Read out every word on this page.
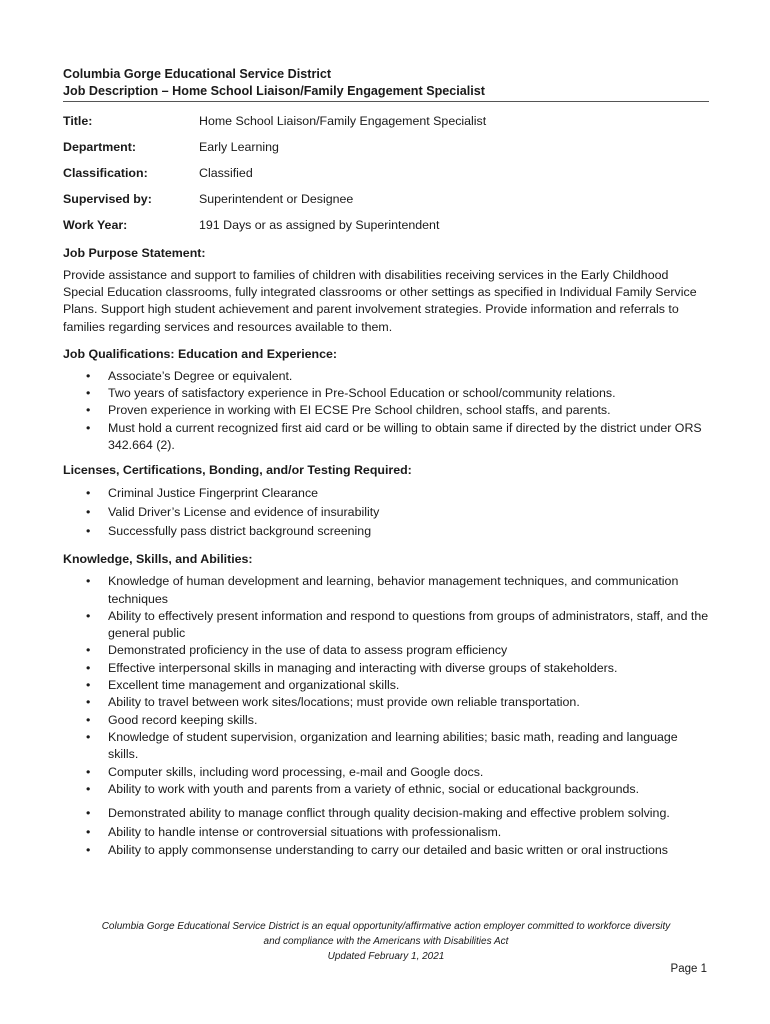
Columbia Gorge Educational Service District
Job Description – Home School Liaison/Family Engagement Specialist
Title:	Home School Liaison/Family Engagement Specialist
Department:	Early Learning
Classification:	Classified
Supervised by:	Superintendent or Designee
Work Year:	191 Days or as assigned by Superintendent
Job Purpose Statement:

Provide assistance and support to families of children with disabilities receiving services in the Early Childhood Special Education classrooms, fully integrated classrooms or other settings as specified in Individual Family Service Plans. Support high student achievement and parent involvement strategies. Provide information and referrals to families regarding services and resources available to them.

Job Qualifications: Education and Experience:
• Associate’s Degree or equivalent.
• Two years of satisfactory experience in Pre-School Education or school/community relations.
• Proven experience in working with EI ECSE Pre School children, school staffs, and parents.
• Must hold a current recognized first aid card or be willing to obtain same if directed by the district under ORS 342.664 (2).
Licenses, Certifications, Bonding, and/or Testing Required:
• Criminal Justice Fingerprint Clearance
• Valid Driver’s License and evidence of insurability
• Successfully pass district background screening
Knowledge, Skills, and Abilities:
• Knowledge of human development and learning, behavior management techniques, and communication techniques
• Ability to effectively present information and respond to questions from groups of administrators, staff, and the general public
• Demonstrated proficiency in the use of data to assess program efficiency
• Effective interpersonal skills in managing and interacting with diverse groups of stakeholders.
• Excellent time management and organizational skills.
• Ability to travel between work sites/locations; must provide own reliable transportation.
• Good record keeping skills.
• Knowledge of student supervision, organization and learning abilities; basic math, reading and language skills.
• Computer skills, including word processing, e-mail and Google docs.
• Ability to work with youth and parents from a variety of ethnic, social or educational backgrounds.
• Demonstrated ability to manage conflict through quality decision-making and effective problem solving.
• Ability to handle intense or controversial situations with professionalism.
• Ability to apply commonsense understanding to carry our detailed and basic written or oral instructions
Columbia Gorge Educational Service District is an equal opportunity/affirmative action employer committed to workforce diversity
and compliance with the Americans with Disabilities Act
Updated February 1, 2021
Page 1
